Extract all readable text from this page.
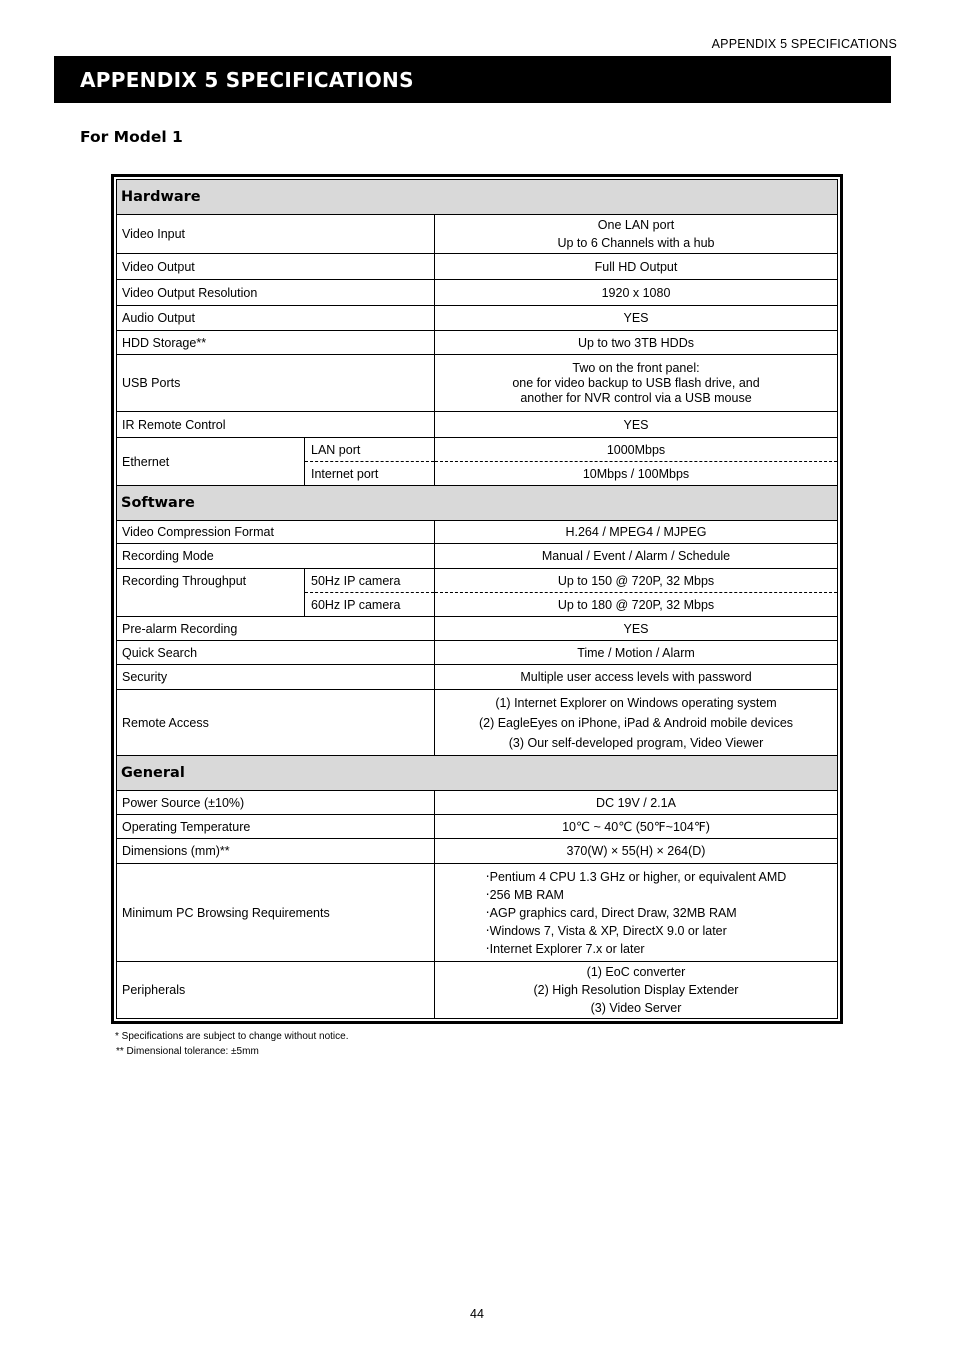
APPENDIX 5 SPECIFICATIONS
APPENDIX 5 SPECIFICATIONS
For Model 1
Hardware		
Video Input		One LAN port
Up to 6 Channels with a hub

Video Output		Full HD Output
Video Output Resolution		1920 x 1080
Audio Output		YES
HDD Storage**		Up to two 3TB HDDs
USB Ports		Two on the front panel:
one for video backup to USB flash drive, and
another for NVR control via a USB mouse

IR Remote Control		YES
Ethernet	LAN port	1000Mbps
	Internet port	10Mbps / 100Mbps
Software		
Video Compression Format		H.264 / MPEG4 / MJPEG
Recording Mode		Manual / Event / Alarm / Schedule
Recording Throughput	50Hz IP camera	Up to 150 @ 720P, 32 Mbps
	60Hz IP camera	Up to 180 @ 720P, 32 Mbps
Pre-alarm Recording		YES
Quick Search		Time / Motion / Alarm
Security		Multiple user access levels with password
Remote Access		(1) Internet Explorer on Windows operating system
(2) EagleEyes on iPhone, iPad & Android mobile devices
(3) Our self-developed program, Video Viewer

General		
Power Source (±10%)		DC 19V / 2.1A
Operating Temperature		10℃ ~ 40℃ (50℉~104℉)
Dimensions (mm)**		370(W) × 55(H) × 264(D)
Minimum PC Browsing Requirements		‧Pentium 4 CPU 1.3 GHz or higher, or equivalent AMD
‧256 MB RAM
‧AGP graphics card, Direct Draw, 32MB RAM
‧Windows 7, Vista & XP, DirectX 9.0 or later
‧Internet Explorer 7.x or later

Peripherals		(1) EoC converter
(2) High Resolution Display Extender
(3) Video Server
* Specifications are subject to change without notice.
** Dimensional tolerance: ±5mm
44
